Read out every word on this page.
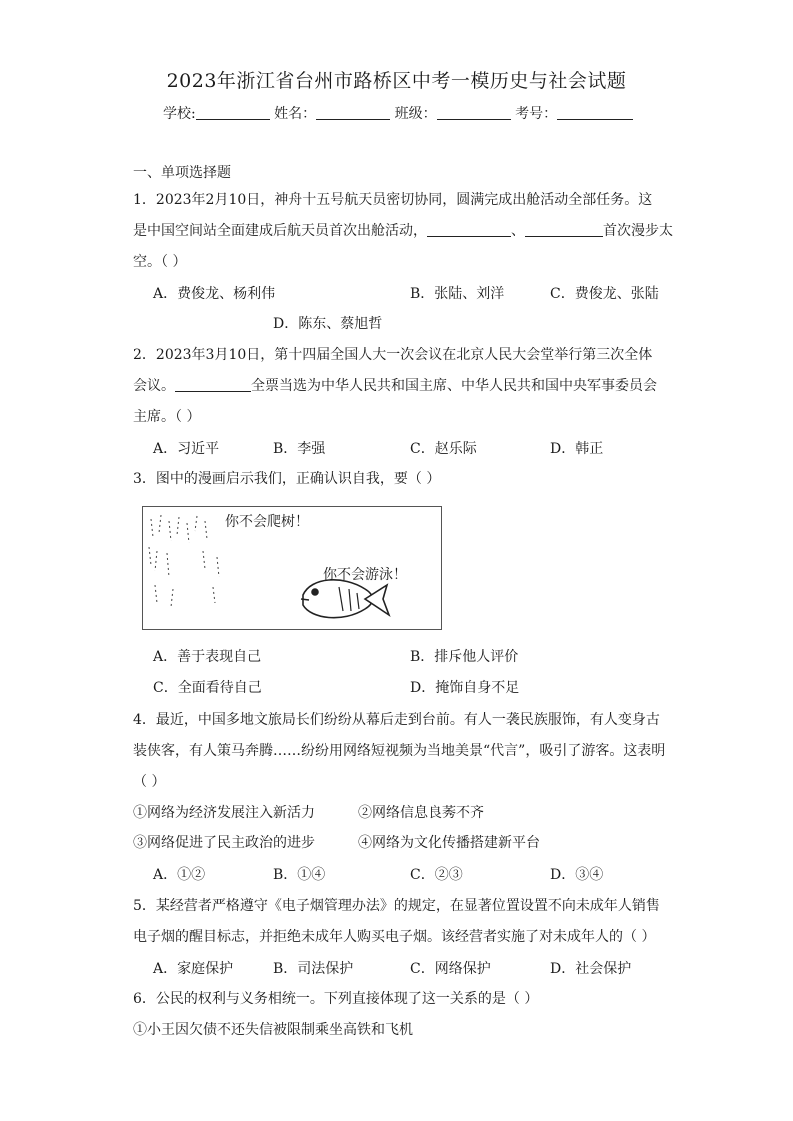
2023年浙江省台州市路桥区中考一模历史与社会试题
学校:	姓名：	班级：	考号：
一、单项选择题
1．2023年2月10日，神舟十五号航天员密切协同，圆满完成出舱活动全部任务。这
是中国空间站全面建成后航天员首次出舱活动，	、	首次漫步太
空。（ ）
A．费俊龙、杨利伟	B．张陆、刘洋	C．费俊龙、张陆
D．陈东、蔡旭哲
2．2023年3月10日，第十四届全国人大一次会议在北京人民大会堂举行第三次全体
会议。	全票当选为中华人民共和国主席、中华人民共和国中央军事委员会
主席。（ ）
A．习近平	B．李强	C．赵乐际	D．韩正
3．图中的漫画启示我们，正确认识自我，要（ ）
你不会爬树！
你不会游泳！
A．善于表现自己	B．排斥他人评价
C．全面看待自己	D．掩饰自身不足
4．最近，中国多地文旅局长们纷纷从幕后走到台前。有人一袭民族服饰，有人变身古
装侠客，有人策马奔腾……纷纷用网络短视频为当地美景“代言”，吸引了游客。这表明
（ ）
①网络为经济发展注入新活力	②网络信息良莠不齐
③网络促进了民主政治的进步	④网络为文化传播搭建新平台
A．①②	B．①④	C．②③	D．③④
5．某经营者严格遵守《电子烟管理办法》的规定，在显著位置设置不向未成年人销售
电子烟的醒目标志，并拒绝未成年人购买电子烟。该经营者实施了对未成年人的（ ）
A．家庭保护	B．司法保护	C．网络保护	D．社会保护
6．公民的权利与义务相统一。下列直接体现了这一关系的是（ ）
①小王因欠债不还失信被限制乘坐高铁和飞机
